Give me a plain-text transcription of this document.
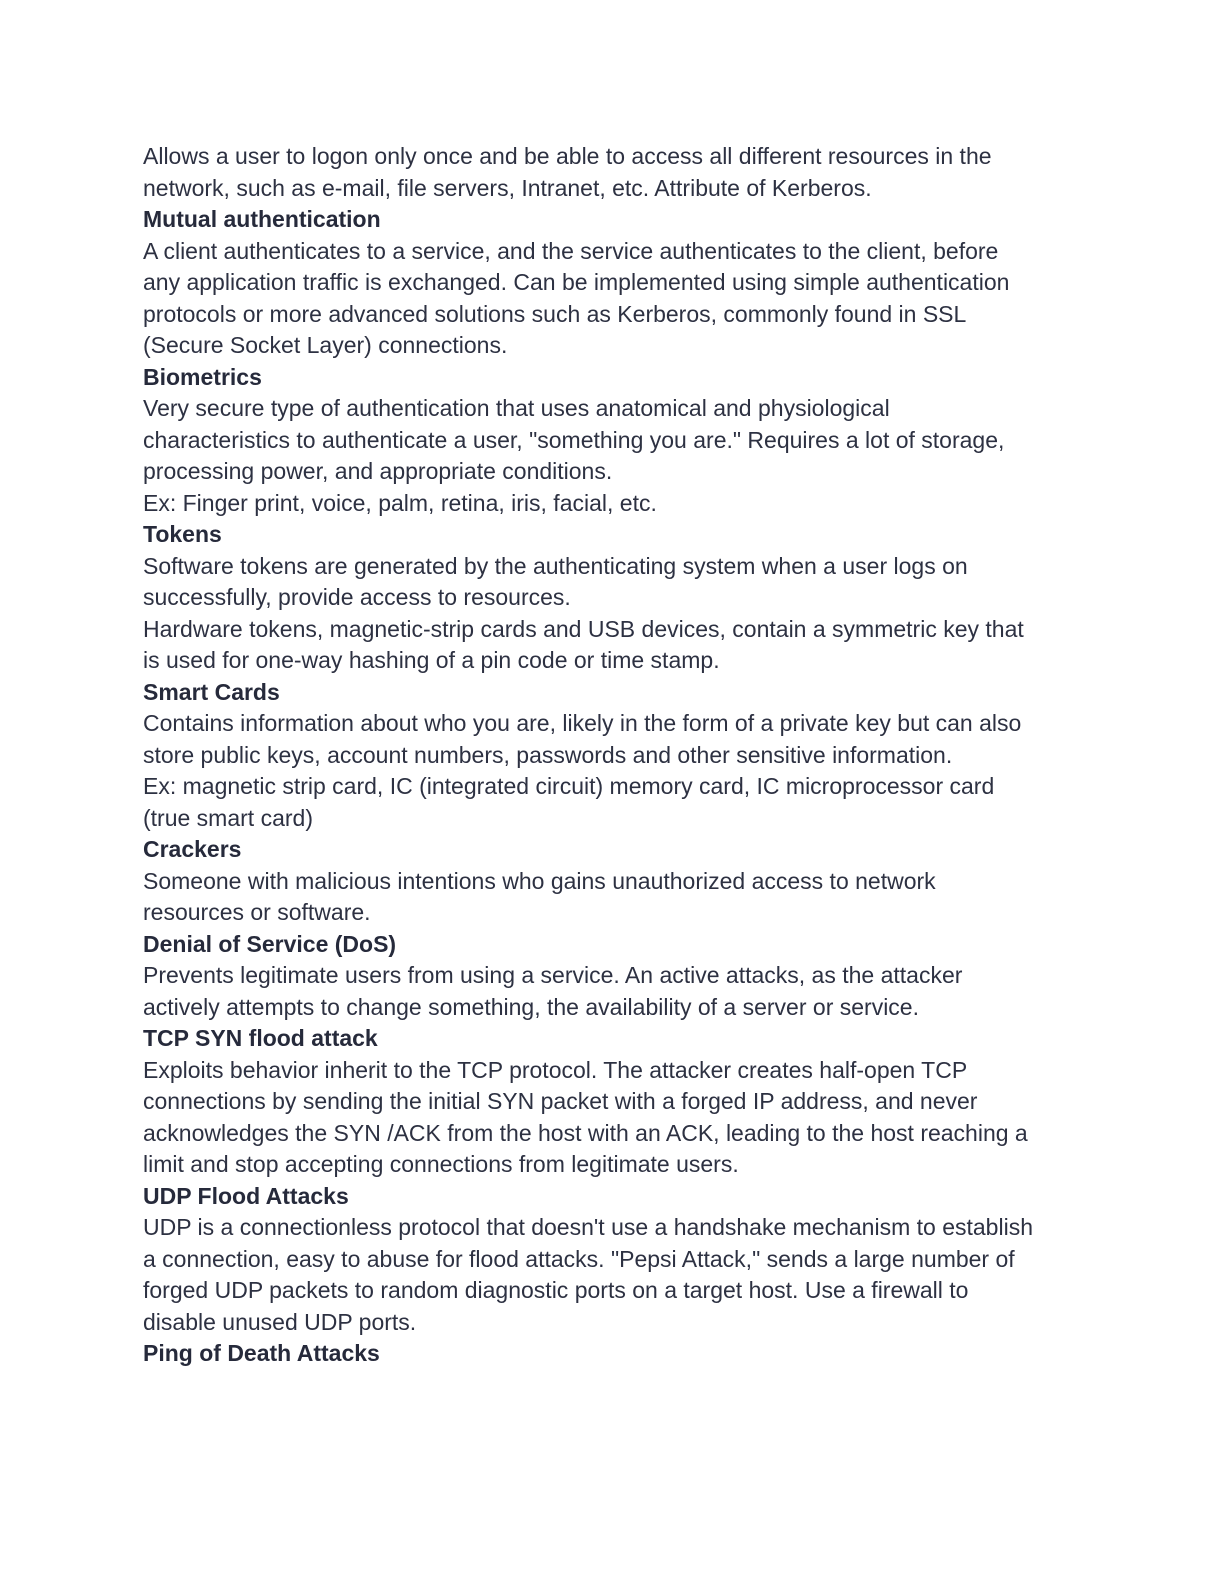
Allows a user to logon only once and be able to access all different resources in the
network, such as e-mail, file servers, Intranet, etc. Attribute of Kerberos.
Mutual authentication
A client authenticates to a service, and the service authenticates to the client, before
any application traffic is exchanged. Can be implemented using simple authentication
protocols or more advanced solutions such as Kerberos, commonly found in SSL
(Secure Socket Layer) connections.
Biometrics
Very secure type of authentication that uses anatomical and physiological
characteristics to authenticate a user, "something you are." Requires a lot of storage,
processing power, and appropriate conditions.
Ex: Finger print, voice, palm, retina, iris, facial, etc.
Tokens
Software tokens are generated by the authenticating system when a user logs on
successfully, provide access to resources.
Hardware tokens, magnetic-strip cards and USB devices, contain a symmetric key that
is used for one-way hashing of a pin code or time stamp.
Smart Cards
Contains information about who you are, likely in the form of a private key but can also
store public keys, account numbers, passwords and other sensitive information.
Ex: magnetic strip card, IC (integrated circuit) memory card, IC microprocessor card
(true smart card)
Crackers
Someone with malicious intentions who gains unauthorized access to network
resources or software.
Denial of Service (DoS)
Prevents legitimate users from using a service. An active attacks, as the attacker
actively attempts to change something, the availability of a server or service.
TCP SYN flood attack
Exploits behavior inherit to the TCP protocol. The attacker creates half-open TCP
connections by sending the initial SYN packet with a forged IP address, and never
acknowledges the SYN /ACK from the host with an ACK, leading to the host reaching a
limit and stop accepting connections from legitimate users.
UDP Flood Attacks
UDP is a connectionless protocol that doesn't use a handshake mechanism to establish
a connection, easy to abuse for flood attacks. "Pepsi Attack," sends a large number of
forged UDP packets to random diagnostic ports on a target host. Use a firewall to
disable unused UDP ports.
Ping of Death Attacks
